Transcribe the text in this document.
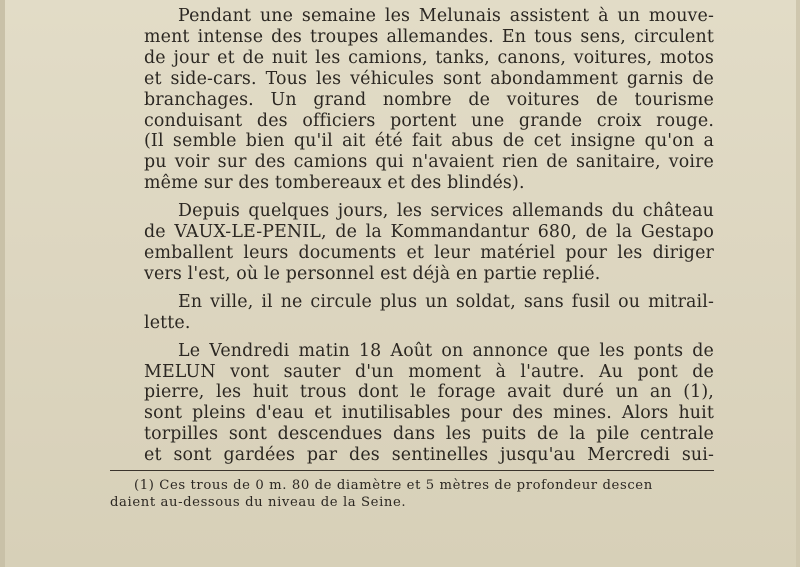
Pendant une semaine les Melunais assistent à un mouve-
ment intense des troupes allemandes. En tous sens, circulent
de jour et de nuit les camions, tanks, canons, voitures, motos
et side-cars. Tous les véhicules sont abondamment garnis de
branchages. Un grand nombre de voitures de tourisme
conduisant des officiers portent une grande croix rouge.
(Il semble bien qu'il ait été fait abus de cet insigne qu'on a
pu voir sur des camions qui n'avaient rien de sanitaire, voire
même sur des tombereaux et des blindés).

Depuis quelques jours, les services allemands du château
de VAUX-LE-PENIL, de la Kommandantur 680, de la Gestapo
emballent leurs documents et leur matériel pour les diriger
vers l'est, où le personnel est déjà en partie replié.

En ville, il ne circule plus un soldat, sans fusil ou mitrail-
lette.

Le Vendredi matin 18 Août on annonce que les ponts de
MELUN vont sauter d'un moment à l'autre. Au pont de
pierre, les huit trous dont le forage avait duré un an (1),
sont pleins d'eau et inutilisables pour des mines. Alors huit
torpilles sont descendues dans les puits de la pile centrale
et sont gardées par des sentinelles jusqu'au Mercredi sui-

(1) Ces trous de 0 m. 80 de diamètre et 5 mètres de profondeur descen
daient au-dessous du niveau de la Seine.
